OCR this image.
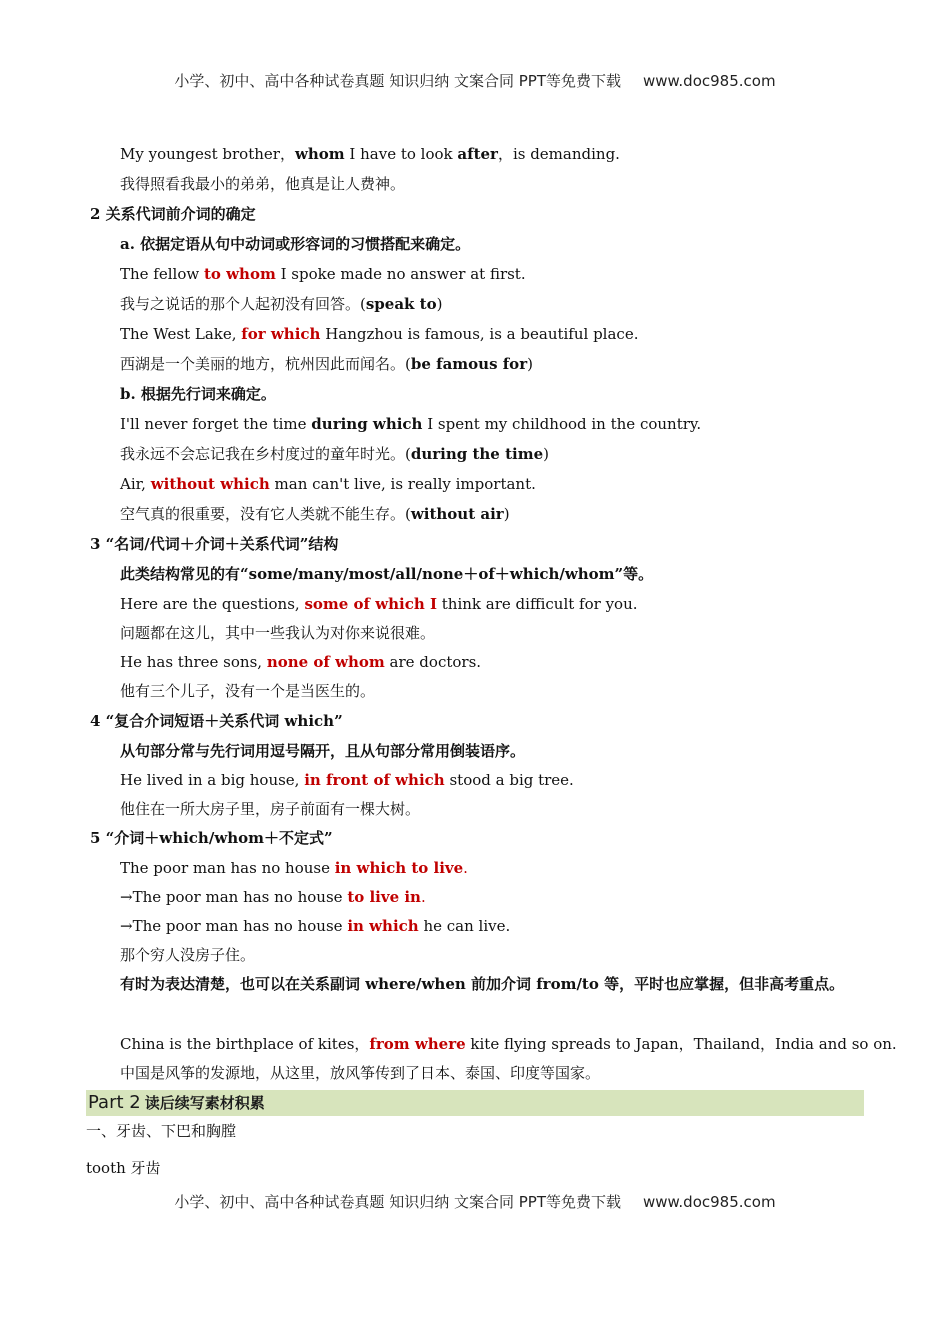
小学、初中、高中各种试卷真题 知识归纳 文案合同 PPT等免费下载 www.doc985.com
My youngest brother，whom I have to look after，is demanding.
我得照看我最小的弟弟，他真是让人费神。
2 关系代词前介词的确定
a. 依据定语从句中动词或形容词的习惯搭配来确定。
The fellow to whom I spoke made no answer at first.
我与之说话的那个人起初没有回答。(speak to)
The West Lake, for which Hangzhou is famous, is a beautiful place.
西湖是一个美丽的地方，杭州因此而闻名。(be famous for)
b. 根据先行词来确定。
I'll never forget the time during which I spent my childhood in the country.
我永远不会忘记我在乡村度过的童年时光。(during the time)
Air, without which man can't live, is really important.
空气真的很重要，没有它人类就不能生存。(without air)
3 “名词/代词＋介词＋关系代词”结构
此类结构常见的有“some/many/most/all/none＋of＋which/whom”等。
Here are the questions, some of which I think are difficult for you.
问题都在这儿，其中一些我认为对你来说很难。
He has three sons, none of whom are doctors.
他有三个儿子，没有一个是当医生的。
4 “复合介词短语＋关系代词 which”
从句部分常与先行词用逗号隔开，且从句部分常用倒装语序。
He lived in a big house, in front of which stood a big tree.
他住在一所大房子里，房子前面有一棵大树。
5 “介词＋which/whom＋不定式”
The poor man has no house in which to live.
→The poor man has no house to live in.
→The poor man has no house in which he can live.
那个穷人没房子住。
有时为表达清楚，也可以在关系副词 where/when 前加介词 from/to 等，平时也应掌握，但非高考重点。
China is the birthplace of kites，from where kite flying spreads to Japan，Thailand，India and so on.
中国是风筝的发源地，从这里，放风筝传到了日本、泰国、印度等国家。
Part 2 读后续写素材积累
一、牙齿、下巴和胸膛
tooth 牙齿
小学、初中、高中各种试卷真题 知识归纳 文案合同 PPT等免费下载 www.doc985.com
